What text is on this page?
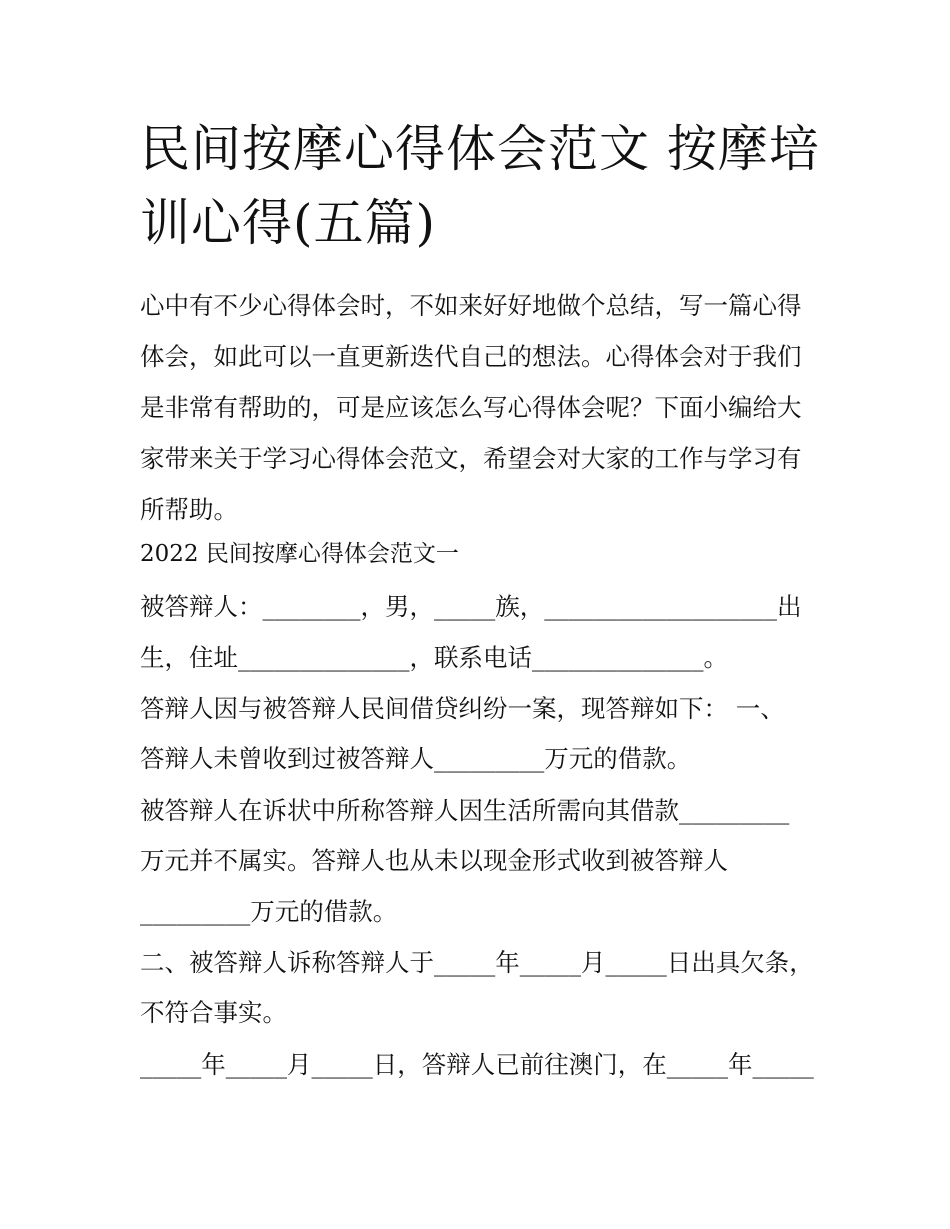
民间按摩心得体会范文 按摩培训心得(五篇)

心中有不少心得体会时，不如来好好地做个总结，写一篇心得体会，如此可以一直更新迭代自己的想法。心得体会对于我们是非常有帮助的，可是应该怎么写心得体会呢？下面小编给大家带来关于学习心得体会范文，希望会对大家的工作与学习有所帮助。

2022 民间按摩心得体会范文一
被答辩人：________，男，_____族，___________________出
生，住址______________，联系电话______________。
答辩人因与被答辩人民间借贷纠纷一案，现答辩如下： 一、
答辩人未曾收到过被答辩人_________万元的借款。
被答辩人在诉状中所称答辩人因生活所需向其借款_________
万元并不属实。答辩人也从未以现金形式收到被答辩人
_________万元的借款。
二、被答辩人诉称答辩人于_____年_____月_____日出具欠条，
不符合事实。
_____年_____月_____日，答辩人已前往澳门，在_____年_____
